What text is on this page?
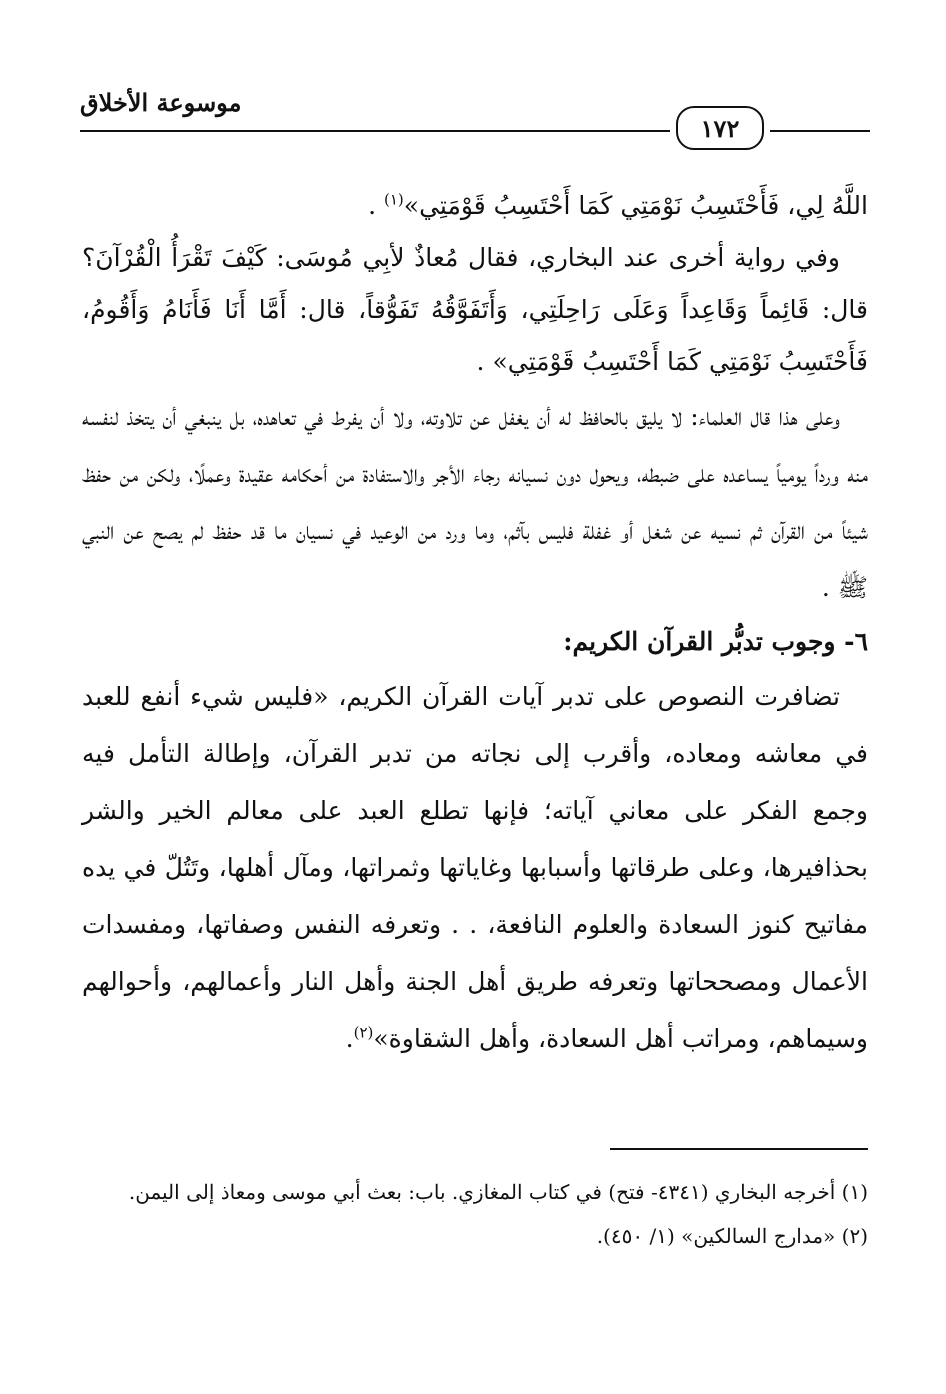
موسوعة الأخلاق
١٧٢

اللَّهُ لِي، فَأَحْتَسِبُ نَوْمَتِي كَمَا أَحْتَسِبُ قَوْمَتِي»$^{(١)}$ .

وفي رواية أخرى عند البخاري، فقال مُعاذٌ لأبِي مُوسَى: كَيْفَ تَقْرَأُ الْقُرْآنَ؟ قال: قَائِماً وَقَاعِداً وَعَلَى رَاحِلَتِي، وَأَتَفَوَّقُهُ تَفَوُّقاً، قال: أَمَّا أَنَا فَأَنَامُ وَأَقُومُ، فَأَحْتَسِبُ نَوْمَتِي كَمَا أَحْتَسِبُ قَوْمَتِي» .

وعلى هذا قال العلماء: لا يليق بالحافظ له أن يغفل عن تلاوته، ولا أن يفرط في تعاهده، بل ينبغي أن يتخذ لنفسه منه ورداً يومياً يساعده على ضبطه، ويحول دون نسيانه رجاء الأجر والاستفادة من أحكامه عقيدة وعملًا، ولكن من حفظ شيئاً من القرآن ثم نسيه عن شغل أو غفلة فليس بآثم، وما ورد من الوعيد في نسيان ما قد حفظ لم يصح عن النبي ﷺ .

٦- وجوب تدبُّر القرآن الكريم:

تضافرت النصوص على تدبر آيات القرآن الكريم، «فليس شيء أنفع للعبد في معاشه ومعاده، وأقرب إلى نجاته من تدبر القرآن، وإطالة التأمل فيه وجمع الفكر على معاني آياته؛ فإنها تطلع العبد على معالم الخير والشر بحذافيرها، وعلى طرقاتها وأسبابها وغاياتها وثمراتها، ومآل أهلها، وتَتُلّ في يده مفاتيح كنوز السعادة والعلوم النافعة، . . وتعرفه النفس وصفاتها، ومفسدات الأعمال ومصححاتها وتعرفه طريق أهل الجنة وأهل النار وأعمالهم، وأحوالهم وسيماهم، ومراتب أهل السعادة، وأهل الشقاوة»$^{(٢)}$.

(١) أخرجه البخاري (٤٣٤١- فتح) في كتاب المغازي. باب: بعث أبي موسى ومعاذ إلى اليمن.

(٢) «مدارج السالكين» (١/ ٤٥٠).
